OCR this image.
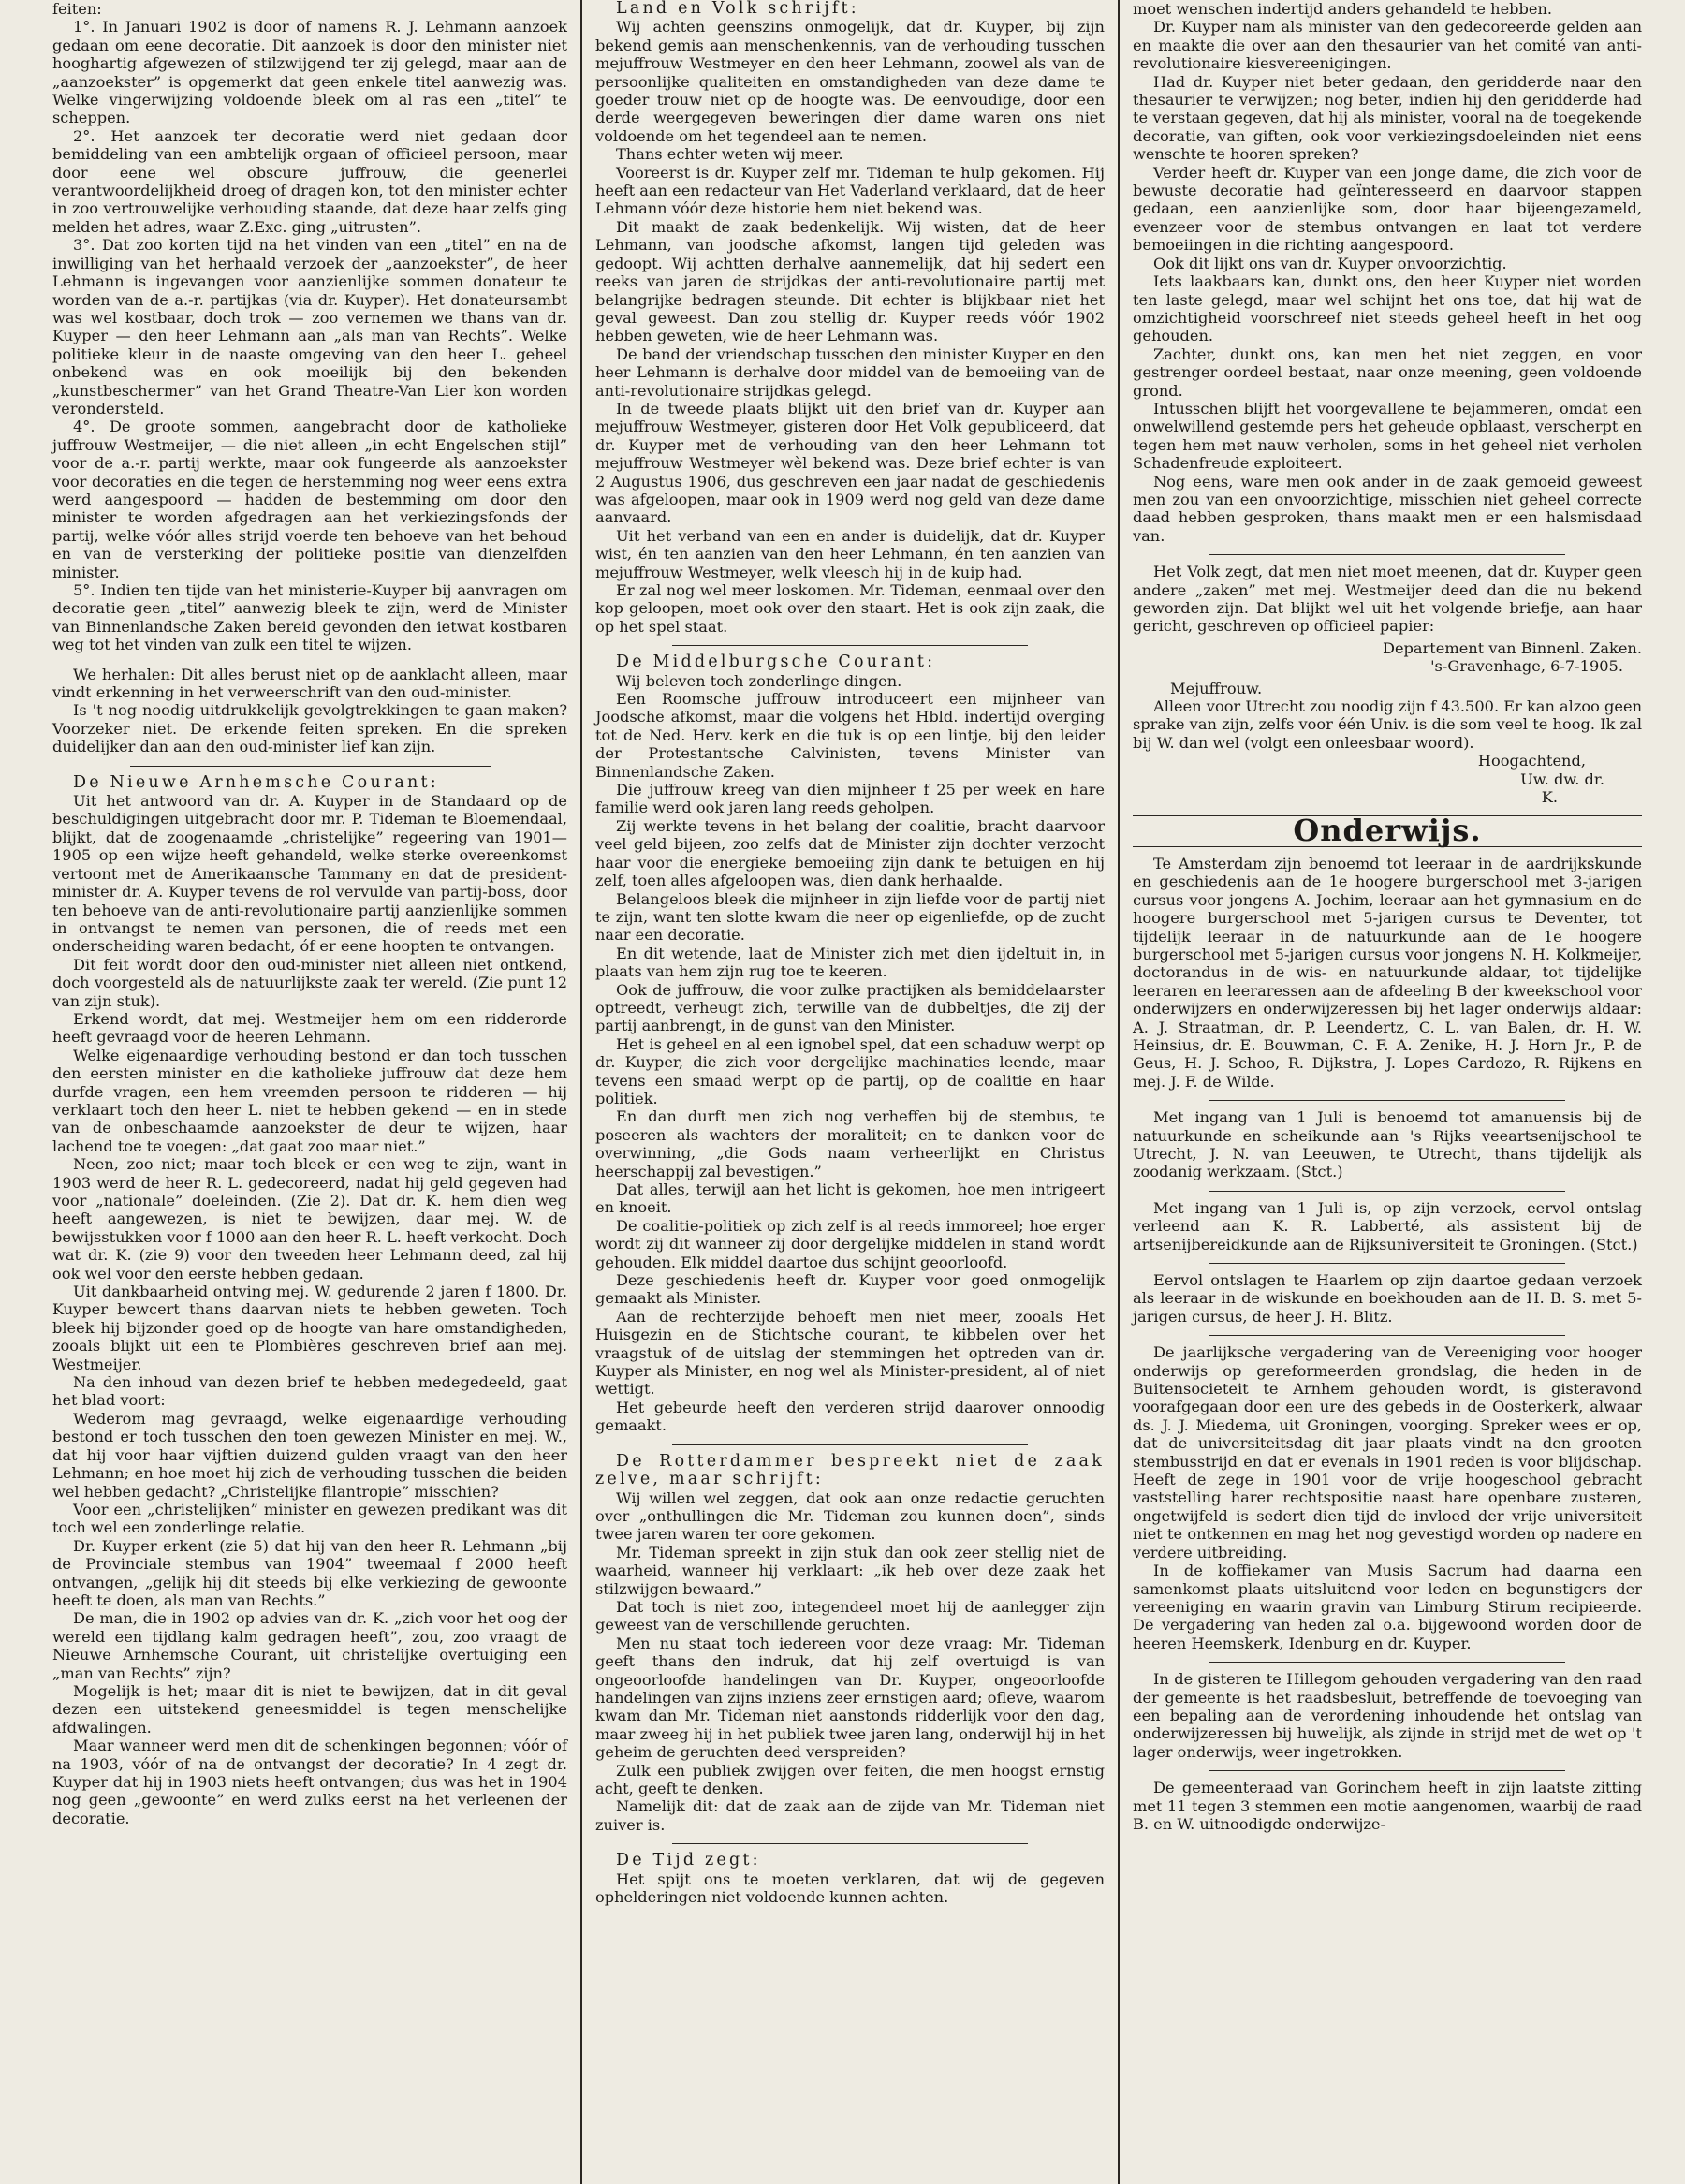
feiten:

1°. In Januari 1902 is door of namens R. J. Lehmann aanzoek gedaan om eene decoratie. Dit aanzoek is door den minister niet hooghartig afgewezen of stilzwijgend ter zij gelegd, maar aan de „aanzoekster” is opgemerkt dat geen enkele titel aanwezig was. Welke vingerwijzing voldoende bleek om al ras een „titel” te scheppen.

2°. Het aanzoek ter decoratie werd niet gedaan door bemiddeling van een ambtelijk orgaan of officieel persoon, maar door eene wel obscure juffrouw, die geenerlei verantwoordelijkheid droeg of dragen kon, tot den minister echter in zoo vertrouwelijke verhouding staande, dat deze haar zelfs ging melden het adres, waar Z.Exc. ging „uitrusten”.

3°. Dat zoo korten tijd na het vinden van een „titel” en na de inwilliging van het herhaald verzoek der „aanzoekster”, de heer Lehmann is ingevangen voor aanzienlijke sommen donateur te worden van de a.-r. partijkas (via dr. Kuyper). Het donateursambt was wel kostbaar, doch trok — zoo vernemen we thans van dr. Kuyper — den heer Lehmann aan „als man van Rechts”. Welke politieke kleur in de naaste omgeving van den heer L. geheel onbekend was en ook moeilijk bij den bekenden „kunstbeschermer” van het Grand Theatre-Van Lier kon worden verondersteld.

4°. De groote sommen, aangebracht door de katholieke juffrouw Westmeijer, — die niet alleen „in echt Engelschen stijl” voor de a.-r. partij werkte, maar ook fungeerde als aanzoekster voor decoraties en die tegen de herstemming nog weer eens extra werd aangespoord — hadden de bestemming om door den minister te worden afgedragen aan het verkiezingsfonds der partij, welke vóór alles strijd voerde ten behoeve van het behoud en van de versterking der politieke positie van dienzelfden minister.

5°. Indien ten tijde van het ministerie-Kuyper bij aanvragen om decoratie geen „titel” aanwezig bleek te zijn, werd de Minister van Binnenlandsche Zaken bereid gevonden den ietwat kostbaren weg tot het vinden van zulk een titel te wijzen.

We herhalen: Dit alles berust niet op de aanklacht alleen, maar vindt erkenning in het verweerschrift van den oud-minister.

Is 't nog noodig uitdrukkelijk gevolgtrekkingen te gaan maken? Voorzeker niet. De erkende feiten spreken. En die spreken duidelijker dan aan den oud-minister lief kan zijn.

De Nieuwe Arnhemsche Courant:

Uit het antwoord van dr. A. Kuyper in de Standaard op de beschuldigingen uitgebracht door mr. P. Tideman te Bloemendaal, blijkt, dat de zoogenaamde „christelijke” regeering van 1901—1905 op een wijze heeft gehandeld, welke sterke overeenkomst vertoont met de Amerikaansche Tammany en dat de president-minister dr. A. Kuyper tevens de rol vervulde van partij-boss, door ten behoeve van de anti-revolutionaire partij aanzienlijke sommen in ontvangst te nemen van personen, die of reeds met een onderscheiding waren bedacht, óf er eene hoopten te ontvangen.

Dit feit wordt door den oud-minister niet alleen niet ontkend, doch voorgesteld als de natuurlijkste zaak ter wereld. (Zie punt 12 van zijn stuk).

Erkend wordt, dat mej. Westmeijer hem om een ridderorde heeft gevraagd voor de heeren Lehmann.

Welke eigenaardige verhouding bestond er dan toch tusschen den eersten minister en die katholieke juffrouw dat deze hem durfde vragen, een hem vreemden persoon te ridderen — hij verklaart toch den heer L. niet te hebben gekend — en in stede van de onbeschaamde aanzoekster de deur te wijzen, haar lachend toe te voegen: „dat gaat zoo maar niet.”

Neen, zoo niet; maar toch bleek er een weg te zijn, want in 1903 werd de heer R. L. gedecoreerd, nadat hij geld gegeven had voor „nationale” doeleinden. (Zie 2). Dat dr. K. hem dien weg heeft aangewezen, is niet te bewijzen, daar mej. W. de bewijsstukken voor f 1000 aan den heer R. L. heeft verkocht. Doch wat dr. K. (zie 9) voor den tweeden heer Lehmann deed, zal hij ook wel voor den eerste hebben gedaan.

Uit dankbaarheid ontving mej. W. gedurende 2 jaren f 1800. Dr. Kuyper bewcert thans daarvan niets te hebben geweten. Toch bleek hij bijzonder goed op de hoogte van hare omstandigheden, zooals blijkt uit een te Plombières geschreven brief aan mej. Westmeijer.

Na den inhoud van dezen brief te hebben medegedeeld, gaat het blad voort:

Wederom mag gevraagd, welke eigenaardige verhouding bestond er toch tusschen den toen gewezen Minister en mej. W., dat hij voor haar vijftien duizend gulden vraagt van den heer Lehmann; en hoe moet hij zich de verhouding tusschen die beiden wel hebben gedacht? „Christelijke filantropie” misschien?

Voor een „christelijken” minister en gewezen predikant was dit toch wel een zonderlinge relatie.

Dr. Kuyper erkent (zie 5) dat hij van den heer R. Lehmann „bij de Provinciale stembus van 1904” tweemaal f 2000 heeft ontvangen, „gelijk hij dit steeds bij elke verkiezing de gewoonte heeft te doen, als man van Rechts.”

De man, die in 1902 op advies van dr. K. „zich voor het oog der wereld een tijdlang kalm gedragen heeft”, zou, zoo vraagt de Nieuwe Arnhemsche Courant, uit christelijke overtuiging een „man van Rechts” zijn?

Mogelijk is het; maar dit is niet te bewijzen, dat in dit geval dezen een uitstekend geneesmiddel is tegen menschelijke afdwalingen.

Maar wanneer werd men dit de schenkingen begonnen; vóór of na 1903, vóór of na de ontvangst der decoratie? In 4 zegt dr. Kuyper dat hij in 1903 niets heeft ontvangen; dus was het in 1904 nog geen „gewoonte” en werd zulks eerst na het verleenen der decoratie.

Land en Volk schrijft:

Wij achten geenszins onmogelijk, dat dr. Kuyper, bij zijn bekend gemis aan menschenkennis, van de verhouding tusschen mejuffrouw Westmeyer en den heer Lehmann, zoowel als van de persoonlijke qualiteiten en omstandigheden van deze dame te goeder trouw niet op de hoogte was. De eenvoudige, door een derde weergegeven beweringen dier dame waren ons niet voldoende om het tegendeel aan te nemen.

Thans echter weten wij meer.

Vooreerst is dr. Kuyper zelf mr. Tideman te hulp gekomen. Hij heeft aan een redacteur van Het Vaderland verklaard, dat de heer Lehmann vóór deze historie hem niet bekend was.

Dit maakt de zaak bedenkelijk. Wij wisten, dat de heer Lehmann, van joodsche afkomst, langen tijd geleden was gedoopt. Wij achtten derhalve aannemelijk, dat hij sedert een reeks van jaren de strijdkas der anti-revolutionaire partij met belangrijke bedragen steunde. Dit echter is blijkbaar niet het geval geweest. Dan zou stellig dr. Kuyper reeds vóór 1902 hebben geweten, wie de heer Lehmann was.

De band der vriendschap tusschen den minister Kuyper en den heer Lehmann is derhalve door middel van de bemoeiing van de anti-revolutionaire strijdkas gelegd.

In de tweede plaats blijkt uit den brief van dr. Kuyper aan mejuffrouw Westmeyer, gisteren door Het Volk gepubliceerd, dat dr. Kuyper met de verhouding van den heer Lehmann tot mejuffrouw Westmeyer wèl bekend was. Deze brief echter is van 2 Augustus 1906, dus geschreven een jaar nadat de geschiedenis was afgeloopen, maar ook in 1909 werd nog geld van deze dame aanvaard.

Uit het verband van een en ander is duidelijk, dat dr. Kuyper wist, én ten aanzien van den heer Lehmann, én ten aanzien van mejuffrouw Westmeyer, welk vleesch hij in de kuip had.

Er zal nog wel meer loskomen. Mr. Tideman, eenmaal over den kop geloopen, moet ook over den staart. Het is ook zijn zaak, die op het spel staat.

De Middelburgsche Courant:

Wij beleven toch zonderlinge dingen.

Een Roomsche juffrouw introduceert een mijnheer van Joodsche afkomst, maar die volgens het Hbld. indertijd overging tot de Ned. Herv. kerk en die tuk is op een lintje, bij den leider der Protestantsche Calvinisten, tevens Minister van Binnenlandsche Zaken.

Die juffrouw kreeg van dien mijnheer f 25 per week en hare familie werd ook jaren lang reeds geholpen.

Zij werkte tevens in het belang der coalitie, bracht daarvoor veel geld bijeen, zoo zelfs dat de Minister zijn dochter verzocht haar voor die energieke bemoeiing zijn dank te betuigen en hij zelf, toen alles afgeloopen was, dien dank herhaalde.

Belangeloos bleek die mijnheer in zijn liefde voor de partij niet te zijn, want ten slotte kwam die neer op eigenliefde, op de zucht naar een decoratie.

En dit wetende, laat de Minister zich met dien ijdeltuit in, in plaats van hem zijn rug toe te keeren.

Ook de juffrouw, die voor zulke practijken als bemiddelaarster optreedt, verheugt zich, terwille van de dubbeltjes, die zij der partij aanbrengt, in de gunst van den Minister.

Het is geheel en al een ignobel spel, dat een schaduw werpt op dr. Kuyper, die zich voor dergelijke machinaties leende, maar tevens een smaad werpt op de partij, op de coalitie en haar politiek.

En dan durft men zich nog verheffen bij de stembus, te poseeren als wachters der moraliteit; en te danken voor de overwinning, „die Gods naam verheerlijkt en Christus heerschappij zal bevestigen.”

Dat alles, terwijl aan het licht is gekomen, hoe men intrigeert en knoeit.

De coalitie-politiek op zich zelf is al reeds immoreel; hoe erger wordt zij dit wanneer zij door dergelijke middelen in stand wordt gehouden. Elk middel daartoe dus schijnt geoorloofd.

Deze geschiedenis heeft dr. Kuyper voor goed onmogelijk gemaakt als Minister.

Aan de rechterzijde behoeft men niet meer, zooals Het Huisgezin en de Stichtsche courant, te kibbelen over het vraagstuk of de uitslag der stemmingen het optreden van dr. Kuyper als Minister, en nog wel als Minister-president, al of niet wettigt.

Het gebeurde heeft den verderen strijd daarover onnoodig gemaakt.

De Rotterdammer bespreekt niet de zaak zelve, maar schrijft:

Wij willen wel zeggen, dat ook aan onze redactie geruchten over „onthullingen die Mr. Tideman zou kunnen doen”, sinds twee jaren waren ter oore gekomen.

Mr. Tideman spreekt in zijn stuk dan ook zeer stellig niet de waarheid, wanneer hij verklaart: „ik heb over deze zaak het stilzwijgen bewaard.”

Dat toch is niet zoo, integendeel moet hij de aanlegger zijn geweest van de verschillende geruchten.

Men nu staat toch iedereen voor deze vraag: Mr. Tideman geeft thans den indruk, dat hij zelf overtuigd is van ongeoorloofde handelingen van Dr. Kuyper, ongeoorloofde handelingen van zijns inziens zeer ernstigen aard; ofleve, waarom kwam dan Mr. Tideman niet aanstonds ridderlijk voor den dag, maar zweeg hij in het publiek twee jaren lang, onderwijl hij in het geheim de geruchten deed verspreiden?

Zulk een publiek zwijgen over feiten, die men hoogst ernstig acht, geeft te denken.

Namelijk dit: dat de zaak aan de zijde van Mr. Tideman niet zuiver is.

De Tijd zegt:

Het spijt ons te moeten verklaren, dat wij de gegeven ophelderingen niet voldoende kunnen achten.

moet wenschen indertijd anders gehandeld te hebben.

Dr. Kuyper nam als minister van den gedecoreerde gelden aan en maakte die over aan den thesaurier van het comité van anti-revolutionaire kiesvereenigingen.

Had dr. Kuyper niet beter gedaan, den geridderde naar den thesaurier te verwijzen; nog beter, indien hij den geridderde had te verstaan gegeven, dat hij als minister, vooral na de toegekende decoratie, van giften, ook voor verkiezingsdoeleinden niet eens wenschte te hooren spreken?

Verder heeft dr. Kuyper van een jonge dame, die zich voor de bewuste decoratie had geïnteresseerd en daarvoor stappen gedaan, een aanzienlijke som, door haar bijeengezameld, evenzeer voor de stembus ontvangen en laat tot verdere bemoeiingen in die richting aangespoord.

Ook dit lijkt ons van dr. Kuyper onvoorzichtig.

Iets laakbaars kan, dunkt ons, den heer Kuyper niet worden ten laste gelegd, maar wel schijnt het ons toe, dat hij wat de omzichtigheid voorschreef niet steeds geheel heeft in het oog gehouden.

Zachter, dunkt ons, kan men het niet zeggen, en voor gestrenger oordeel bestaat, naar onze meening, geen voldoende grond.

Intusschen blijft het voorgevallene te bejammeren, omdat een onwelwillend gestemde pers het geheude opblaast, verscherpt en tegen hem met nauw verholen, soms in het geheel niet verholen Schadenfreude exploiteert.

Nog eens, ware men ook ander in de zaak gemoeid geweest men zou van een onvoorzichtige, misschien niet geheel correcte daad hebben gesproken, thans maakt men er een halsmisdaad van.

Het Volk zegt, dat men niet moet meenen, dat dr. Kuyper geen andere „zaken” met mej. Westmeijer deed dan die nu bekend geworden zijn. Dat blijkt wel uit het volgende briefje, aan haar gericht, geschreven op officieel papier:

Departement van Binnenl. Zaken.

's-Gravenhage, 6-7-1905.

Mejuffrouw.

Alleen voor Utrecht zou noodig zijn f 43.500. Er kan alzoo geen sprake van zijn, zelfs voor één Univ. is die som veel te hoog. Ik zal bij W. dan wel (volgt een onleesbaar woord).

Hoogachtend,

Uw. dw. dr.

K.

Onderwijs.

Te Amsterdam zijn benoemd tot leeraar in de aardrijkskunde en geschiedenis aan de 1e hoogere burgerschool met 3-jarigen cursus voor jongens A. Jochim, leeraar aan het gymnasium en de hoogere burgerschool met 5-jarigen cursus te Deventer, tot tijdelijk leeraar in de natuurkunde aan de 1e hoogere burgerschool met 5-jarigen cursus voor jongens N. H. Kolkmeijer, doctorandus in de wis- en natuurkunde aldaar, tot tijdelijke leeraren en leeraressen aan de afdeeling B der kweekschool voor onderwijzers en onderwijzeressen bij het lager onderwijs aldaar: A. J. Straatman, dr. P. Leendertz, C. L. van Balen, dr. H. W. Heinsius, dr. E. Bouwman, C. F. A. Zenike, H. J. Horn Jr., P. de Geus, H. J. Schoo, R. Dijkstra, J. Lopes Cardozo, R. Rijkens en mej. J. F. de Wilde.

Met ingang van 1 Juli is benoemd tot amanuensis bij de natuurkunde en scheikunde aan 's Rijks veeartsenijschool te Utrecht, J. N. van Leeuwen, te Utrecht, thans tijdelijk als zoodanig werkzaam. (Stct.)

Met ingang van 1 Juli is, op zijn verzoek, eervol ontslag verleend aan K. R. Labberté, als assistent bij de artsenijbereidkunde aan de Rijksuniversiteit te Groningen. (Stct.)

Eervol ontslagen te Haarlem op zijn daartoe gedaan verzoek als leeraar in de wiskunde en boekhouden aan de H. B. S. met 5-jarigen cursus, de heer J. H. Blitz.

De jaarlijksche vergadering van de Vereeniging voor hooger onderwijs op gereformeerden grondslag, die heden in de Buitensocieteit te Arnhem gehouden wordt, is gisteravond voorafgegaan door een ure des gebeds in de Oosterkerk, alwaar ds. J. J. Miedema, uit Groningen, voorging. Spreker wees er op, dat de universiteitsdag dit jaar plaats vindt na den grooten stembusstrijd en dat er evenals in 1901 reden is voor blijdschap. Heeft de zege in 1901 voor de vrije hoogeschool gebracht vaststelling harer rechtspositie naast hare openbare zusteren, ongetwijfeld is sedert dien tijd de invloed der vrije universiteit niet te ontkennen en mag het nog gevestigd worden op nadere en verdere uitbreiding.

In de koffiekamer van Musis Sacrum had daarna een samenkomst plaats uitsluitend voor leden en begunstigers der vereeniging en waarin gravin van Limburg Stirum recipieerde. De vergadering van heden zal o.a. bijgewoond worden door de heeren Heemskerk, Idenburg en dr. Kuyper.

In de gisteren te Hillegom gehouden vergadering van den raad der gemeente is het raadsbesluit, betreffende de toevoeging van een bepaling aan de verordening inhoudende het ontslag van onderwijzeressen bij huwelijk, als zijnde in strijd met de wet op 't lager onderwijs, weer ingetrokken.

De gemeenteraad van Gorinchem heeft in zijn laatste zitting met 11 tegen 3 stemmen een motie aangenomen, waarbij de raad B. en W. uitnoodigde onderwijze-
